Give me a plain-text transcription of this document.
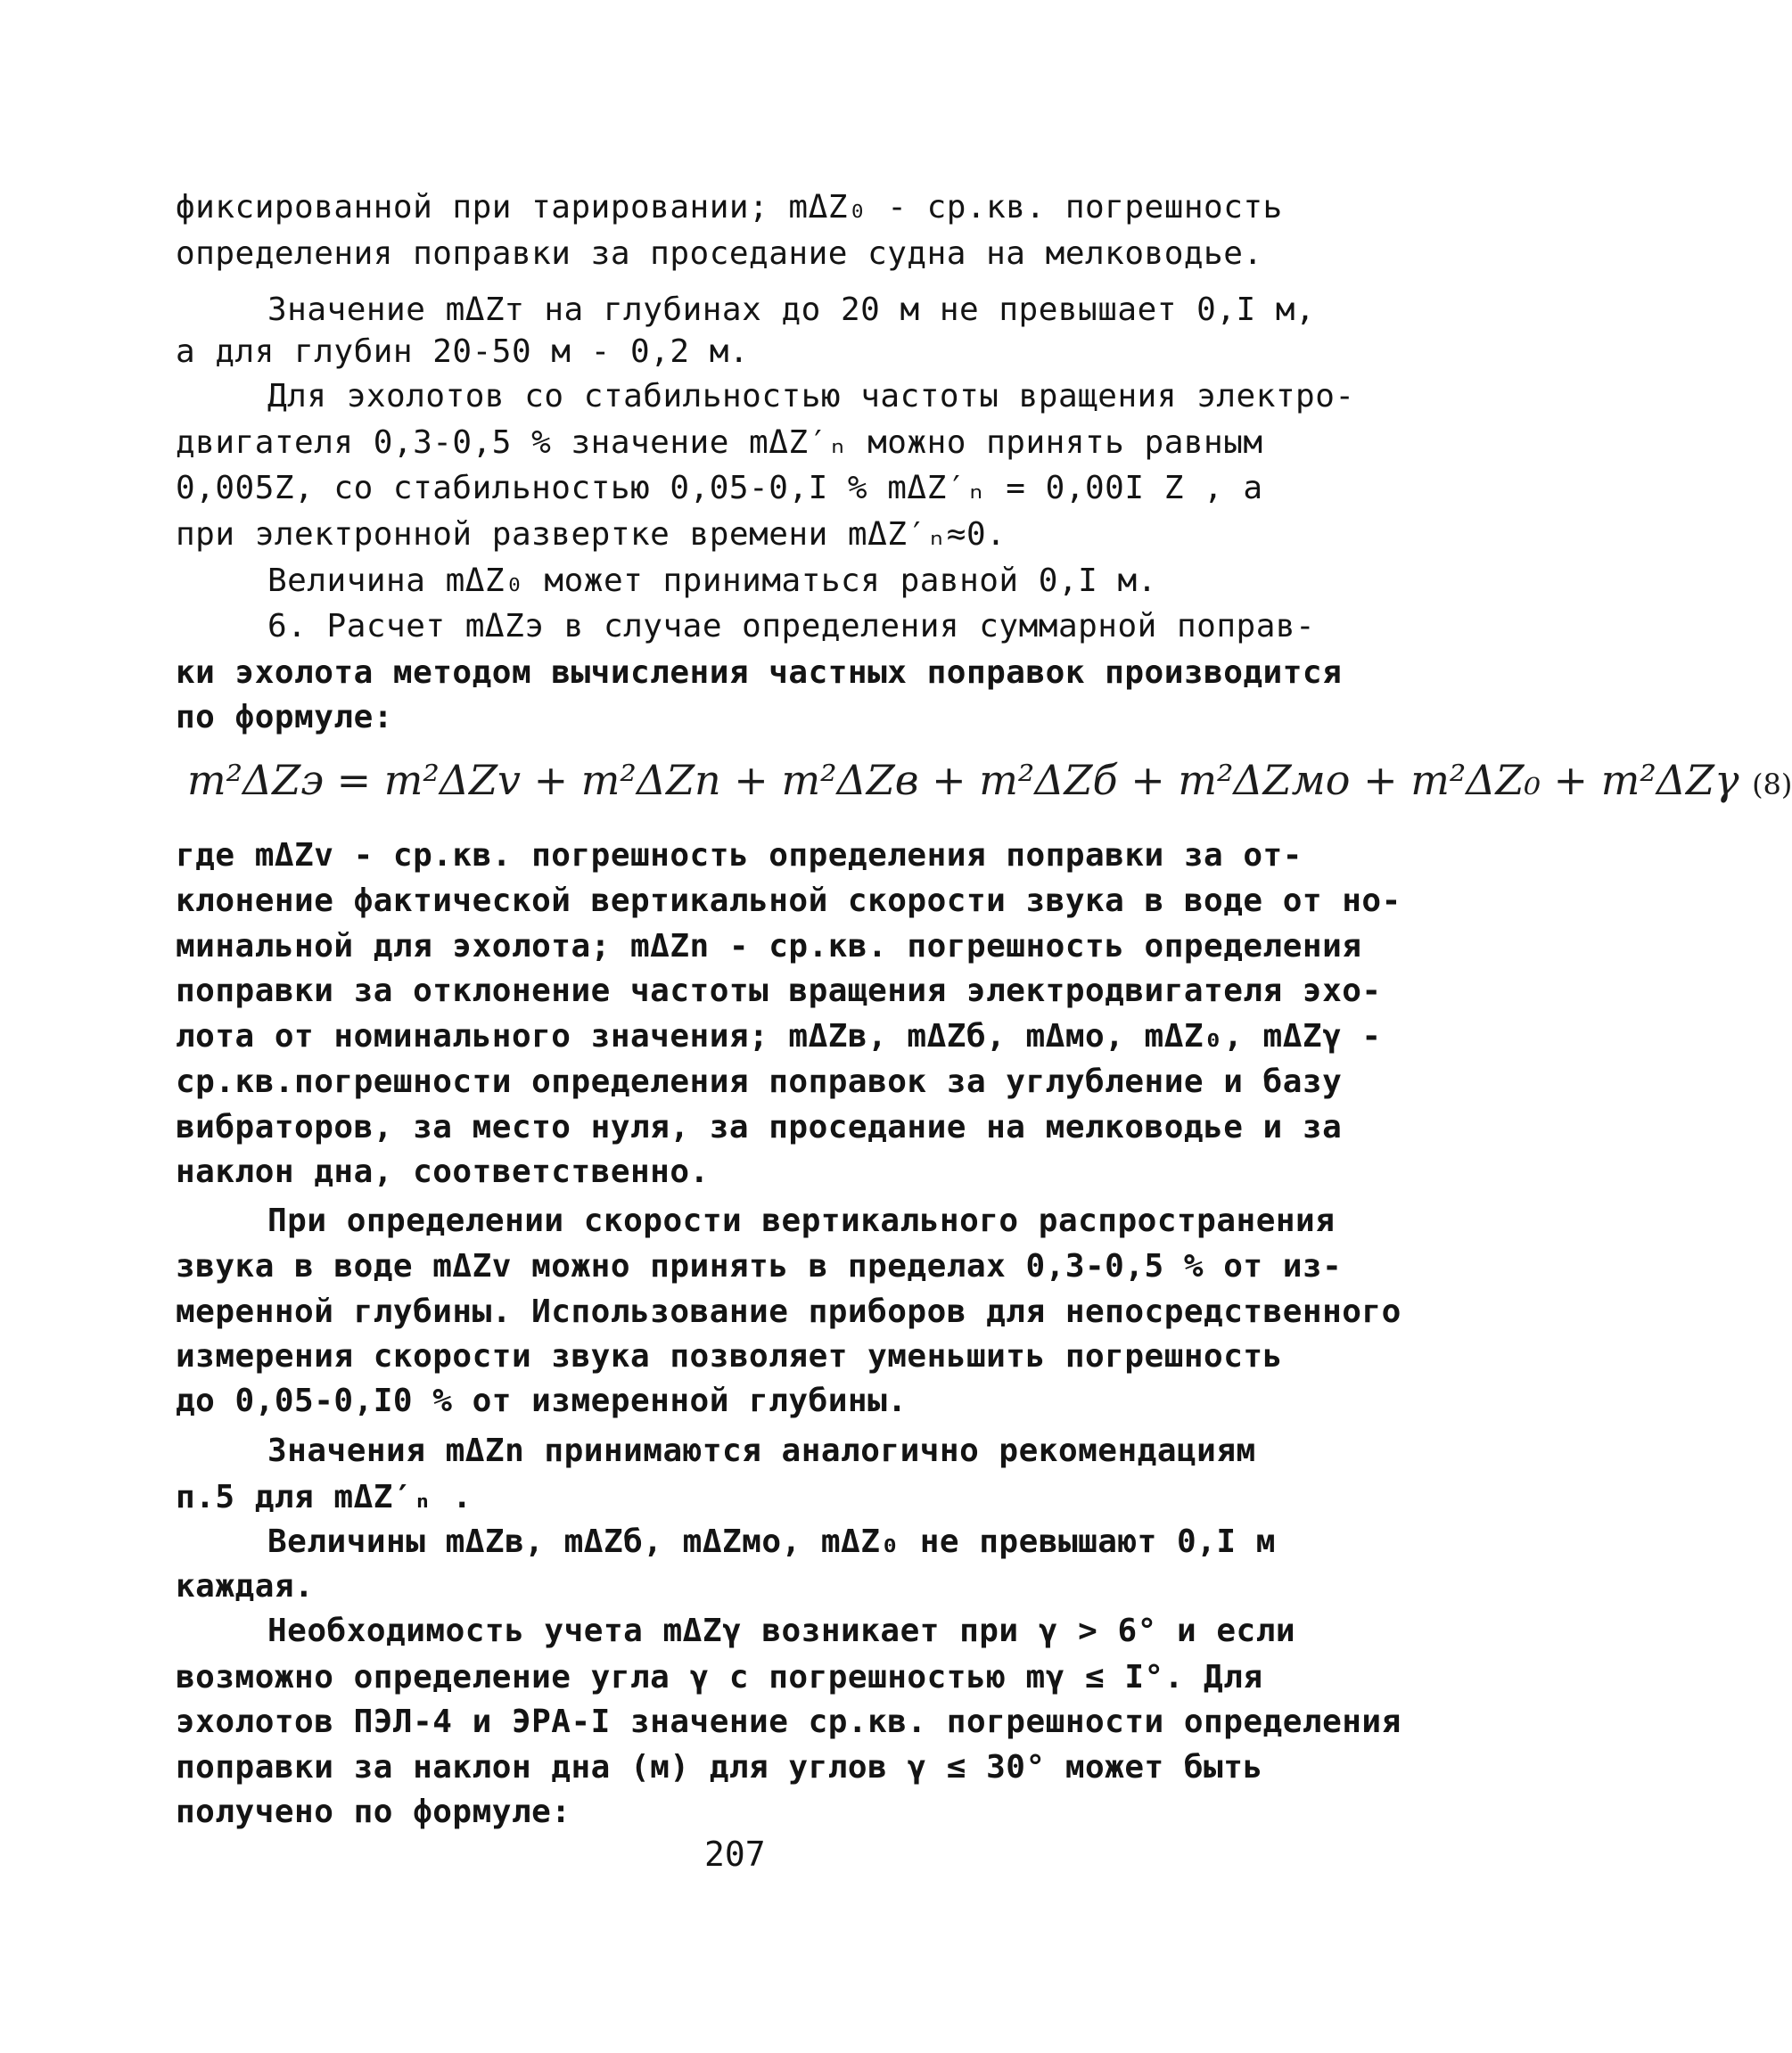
фиксированной при тарировании; mΔZ₀ - ср.кв. погрешность
определения поправки за проседание судна на мелководье.
Значение mΔZᴛ на глубинах до 20 м не превышает 0,I м,
а для глубин 20-50 м - 0,2 м.
Для эхолотов со стабильностью частоты вращения электро-
двигателя 0,3-0,5 % значение mΔZ′ₙ можно принять равным
0,005Z, со стабильностью 0,05-0,I % mΔZ′ₙ = 0,00I Z , а
при электронной развертке времени mΔZ′ₙ≈0.
Величина mΔZ₀ может приниматься равной 0,I м.
6. Расчет mΔZэ в случае определения суммарной поправ-
ки эхолота методом вычисления частных поправок производится
по формуле:
m²ΔZэ = m²ΔZv + m²ΔZn + m²ΔZв + m²ΔZб + m²ΔZмо + m²ΔZ₀ + m²ΔZγ (8)
где mΔZv - ср.кв. погрешность определения поправки за от-
клонение фактической вертикальной скорости звука в воде от но-
минальной для эхолота; mΔZn - ср.кв. погрешность определения
поправки за отклонение частоты вращения электродвигателя эхо-
лота от номинального значения; mΔZв, mΔZб, mΔмо, mΔZ₀, mΔZγ -
ср.кв.погрешности определения поправок за углубление и базу
вибраторов, за место нуля, за проседание на мелководье и за
наклон дна, соответственно.
При определении скорости вертикального распространения
звука в воде mΔZv можно принять в пределах 0,3-0,5 % от из-
меренной глубины. Использование приборов для непосредственного
измерения скорости звука позволяет уменьшить погрешность
до 0,05-0,I0 % от измеренной глубины.
Значения mΔZn принимаются аналогично рекомендациям
п.5 для mΔZ′ₙ .
Величины mΔZв, mΔZб, mΔZмо, mΔZ₀ не превышают 0,I м
каждая.
Необходимость учета mΔZγ возникает при γ > 6° и если
возможно определение угла γ с погрешностью mγ ≤ I°. Для
эхолотов ПЭЛ-4 и ЭРА-I значение ср.кв. погрешности определения
поправки за наклон дна (м) для углов γ ≤ 30° может быть
получено по формуле:
207
